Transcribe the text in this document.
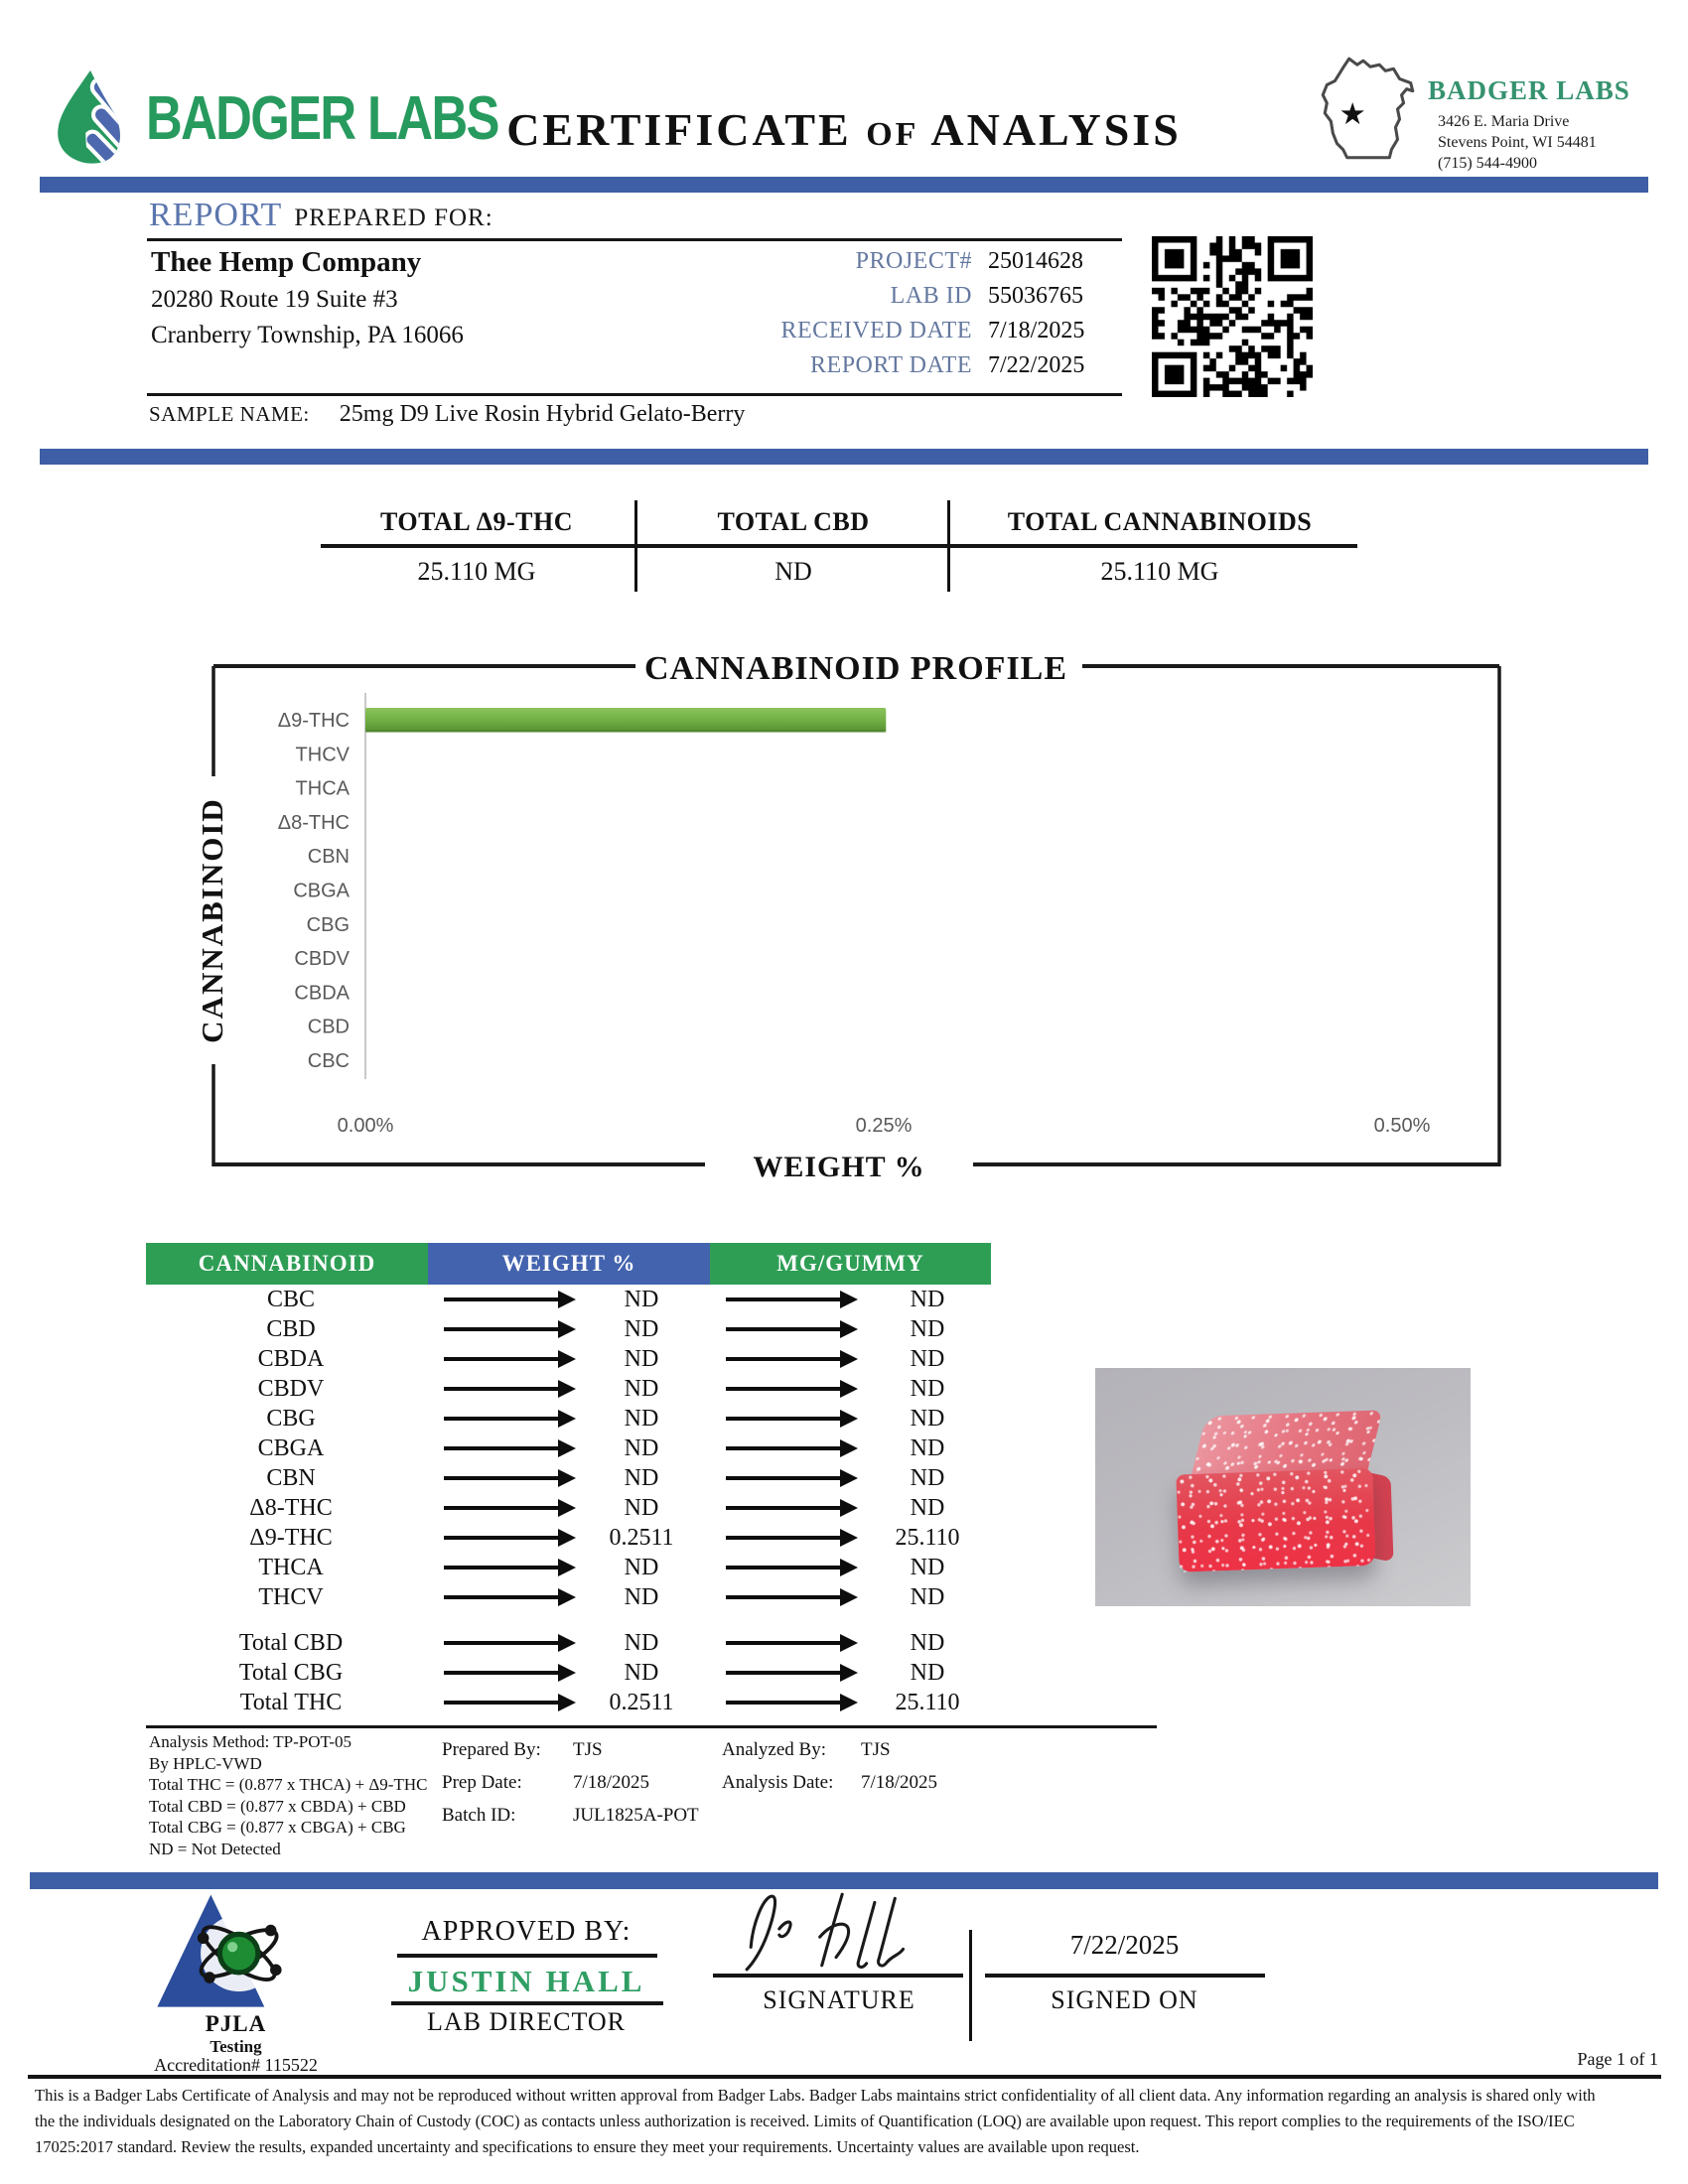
BADGER LABS CERTIFICATE OF ANALYSIS	★
BADGER LABS
3426 E. Maria Drive
Stevens Point, WI 54481
(715) 544-4900
REPORT PREPARED FOR:
Thee Hemp Company
20280 Route 19 Suite #3
Cranberry Township, PA 16066
PROJECT# 25014628
LAB ID 55036765
RECEIVED DATE 7/18/2025
REPORT DATE 7/22/2025
SAMPLE NAME: 25mg D9 Live Rosin Hybrid Gelato-Berry
TOTAL Δ9-THC	TOTAL CBD	TOTAL CANNABINOIDS
25.110 MG	ND	25.110 MG
CANNABINOID PROFILE
CANNABINOID
WEIGHT %
Δ9-THC
THCV
THCA
Δ8-THC
CBN
CBGA
CBG
CBDV
CBDA
CBD
CBC
0.00%	0.25%	0.50%
CANNABINOID	WEIGHT %	MG/GUMMY
CBC	ND	ND
CBD	ND	ND
CBDA	ND	ND
CBDV	ND	ND
CBG	ND	ND
CBGA	ND	ND
CBN	ND	ND
Δ8-THC	ND	ND
Δ9-THC	0.2511	25.110
THCA	ND	ND
THCV	ND	ND
Total CBD	ND	ND
Total CBG	ND	ND
Total THC	0.2511	25.110
Analysis Method: TP-POT-05
By HPLC-VWD
Total THC = (0.877 x THCA) + Δ9-THC
Total CBD = (0.877 x CBDA) + CBD
Total CBG = (0.877 x CBGA) + CBG
ND = Not Detected
Prepared By:	TJS
Prep Date:	7/18/2025
Batch ID:	JUL1825A-POT
Analyzed By:	TJS
Analysis Date:	7/18/2025
PJLA
Testing
Accreditation# 115522
APPROVED BY:
JUSTIN HALL
LAB DIRECTOR
SIGNATURE
7/22/2025
SIGNED ON
Page 1 of 1
This is a Badger Labs Certificate of Analysis and may not be reproduced without written approval from Badger Labs. Badger Labs maintains strict confidentiality of all client data. Any information regarding an analysis is shared only with
the the individuals designated on the Laboratory Chain of Custody (COC) as contacts unless authorization is received. Limits of Quantification (LOQ) are available upon request. This report complies to the requirements of the ISO/IEC
17025:2017 standard. Review the results, expanded uncertainty and specifications to ensure they meet your requirements. Uncertainty values are available upon request.
